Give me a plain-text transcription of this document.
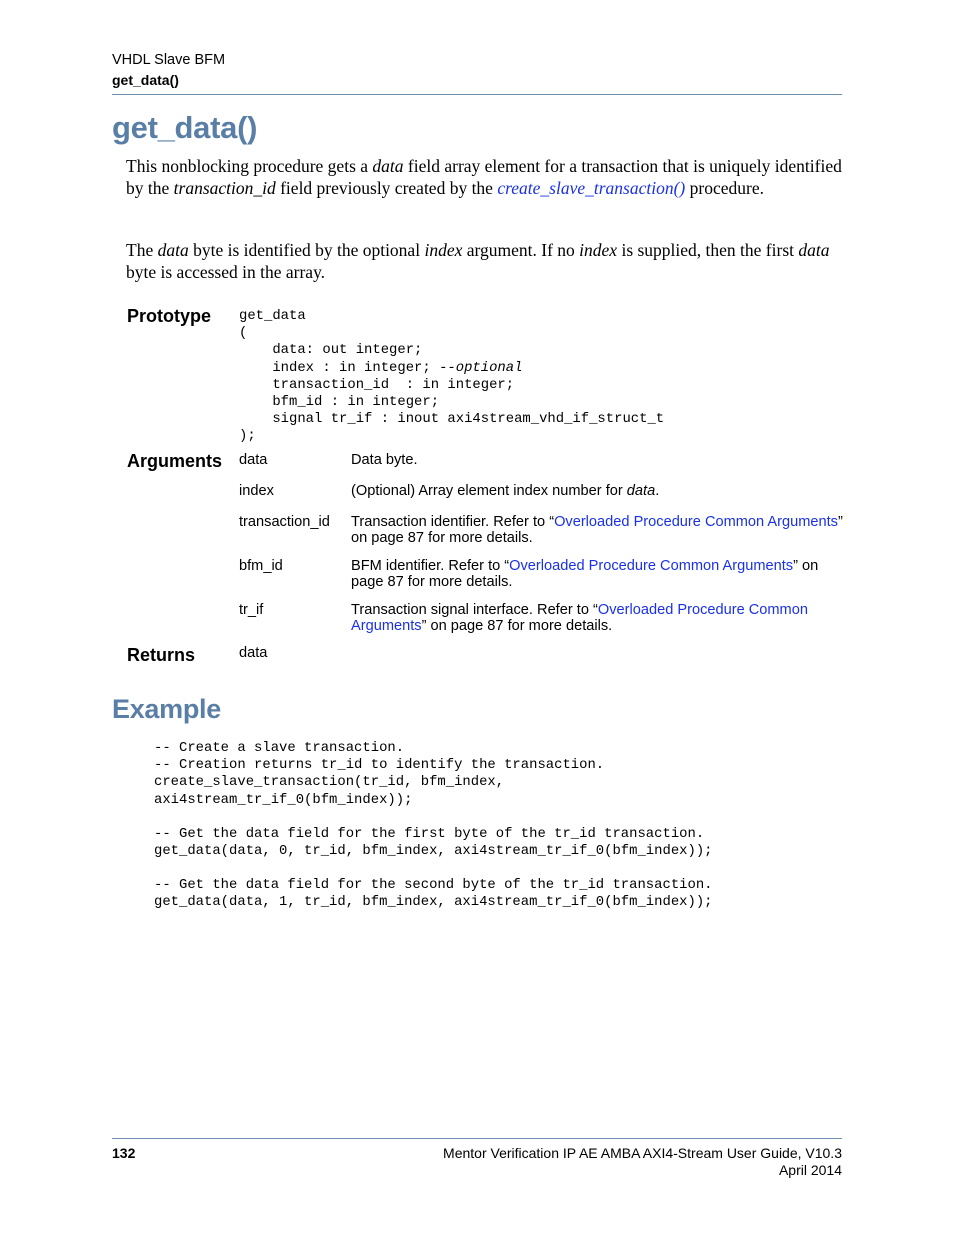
VHDL Slave BFM
get_data()
get_data()
This nonblocking procedure gets a data field array element for a transaction that is uniquely identified by the transaction_id field previously created by the create_slave_transaction() procedure.
The data byte is identified by the optional index argument. If no index is supplied, then the first data byte is accessed in the array.
Prototype get_data
(
data: out integer;
index : in integer; --optional
transaction_id  : in integer;
bfm_id : in integer;
signal tr_if : inout axi4stream_vhd_if_struct_t
);
Arguments data	Data byte.
index	(Optional) Array element index number for data.
transaction_id Transaction identifier. Refer to “Overloaded Procedure Common Arguments” on page 87 for more details.
bfm_id	BFM identifier. Refer to “Overloaded Procedure Common Arguments” on page 87 for more details.
tr_if	Transaction signal interface. Refer to “Overloaded Procedure Common Arguments” on page 87 for more details.
Returns	data
Example
-- Create a slave transaction.
-- Creation returns tr_id to identify the transaction.
create_slave_transaction(tr_id, bfm_index,
axi4stream_tr_if_0(bfm_index));
-- Get the data field for the first byte of the tr_id transaction.
get_data(data, 0, tr_id, bfm_index, axi4stream_tr_if_0(bfm_index));
-- Get the data field for the second byte of the tr_id transaction.
get_data(data, 1, tr_id, bfm_index, axi4stream_tr_if_0(bfm_index));
132	Mentor Verification IP AE AMBA AXI4-Stream User Guide, V10.3
April 2014
